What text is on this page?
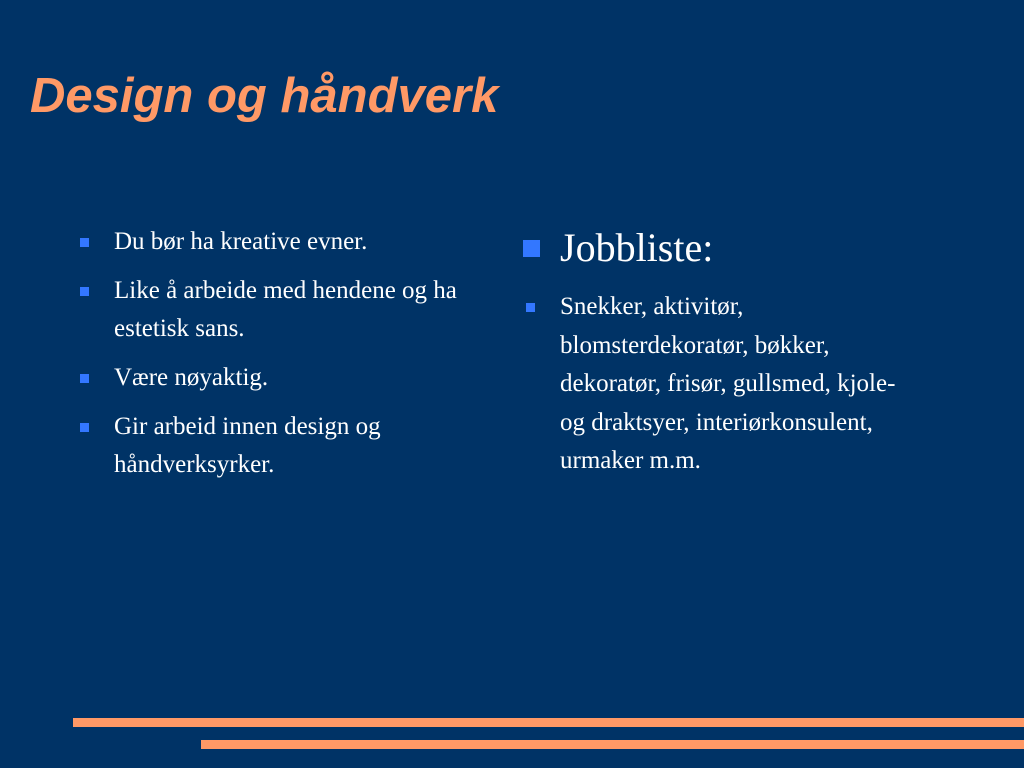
Design og håndverk
Du bør ha kreative evner.
Like å arbeide med hendene og ha estetisk sans.
Være nøyaktig.
Gir arbeid innen design og håndverksyrker.
Jobbliste:
Snekker, aktivitør, blomsterdekoratør, bøkker, dekoratør, frisør, gullsmed, kjole- og draktsyer, interiørkonsulent, urmaker m.m.
